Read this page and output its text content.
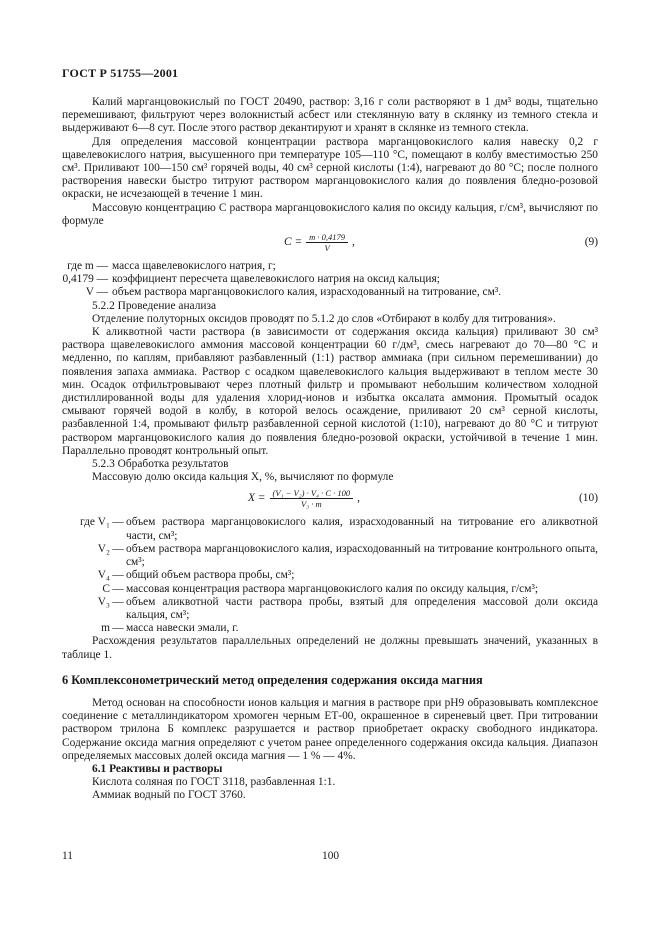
ГОСТ Р 51755—2001

Калий марганцовокислый по ГОСТ 20490, раствор: 3,16 г соли растворяют в 1 дм³ воды, тщательно перемешивают, фильтруют через волокнистый асбест или стеклянную вату в склянку из темного стекла и выдерживают 6—8 сут. После этого раствор декантируют и хранят в склянке из темного стекла.

Для определения массовой концентрации раствора марганцовокислого калия навеску 0,2 г щавелевокислого натрия, высушенного при температуре 105—110 °С, помещают в колбу вместимостью 250 см³. Приливают 100—150 см³ горячей воды, 40 см³ серной кислоты (1:4), нагревают до 80 °С; после полного растворения навески быстро титруют раствором марганцовокислого калия до появления бледно-розовой окраски, не исчезающей в течение 1 мин.

Массовую концентрацию C раствора марганцовокислого калия по оксиду кальция, г/см³, вычисляют по формуле

$C = \frac{m \cdot 0,4179}{V}$ ,	(9)
где m — масса щавелевокислого натрия, г;
0,4179 — коэффициент пересчета щавелевокислого натрия на оксид кальция;
V — объем раствора марганцовокислого калия, израсходованный на титрование, см³.

5.2.2 Проведение анализа

Отделение полуторных оксидов проводят по 5.1.2 до слов «Отбирают в колбу для титрования».

К аликвотной части раствора (в зависимости от содержания оксида кальция) приливают 30 см³ раствора щавелевокислого аммония массовой концентрации 60 г/дм³, смесь нагревают до 70—80 °С и медленно, по каплям, прибавляют разбавленный (1:1) раствор аммиака (при сильном перемешивании) до появления запаха аммиака. Раствор с осадком щавелевокислого кальция выдерживают в теплом месте 30 мин. Осадок отфильтровывают через плотный фильтр и промывают небольшим количеством холодной дистиллированной воды для удаления хлорид-ионов и избытка оксалата аммония. Промытый осадок смывают горячей водой в колбу, в которой велось осаждение, приливают 20 см³ серной кислоты, разбавленной 1:4, промывают фильтр разбавленной серной кислотой (1:10), нагревают до 80 °С и титруют раствором марганцовокислого калия до появления бледно-розовой окраски, устойчивой в течение 1 мин. Параллельно проводят контрольный опыт.

5.2.3 Обработка результатов

Массовую долю оксида кальция X, %, вычисляют по формуле

$X = \frac{\text{(V₁ − V₂) · V₄ · C · 100}}{\text{V₃ · m}}$ ,	(10)
где V₁ — объем раствора марганцовокислого калия, израсходованный на титрование его аликвотной части, см³;
V₂ — объем раствора марганцовокислого калия, израсходованный на титрование контрольного опыта, см³;
V₄ — общий объем раствора пробы, см³;
C — массовая концентрация раствора марганцовокислого калия по оксиду кальция, г/см³;
V₃ — объем аликвотной части раствора пробы, взятый для определения массовой доли оксида кальция, см³;
m — масса навески эмали, г.

Расхождения результатов параллельных определений не должны превышать значений, указанных в таблице 1.

6 Комплексонометрический метод определения содержания оксида магния

Метод основан на способности ионов кальция и магния в растворе при pH9 образовывать комплексное соединение с металлиндикатором хромоген черным ЕТ-00, окрашенное в сиреневый цвет. При титровании раствором трилона Б комплекс разрушается и раствор приобретает окраску свободного индикатора. Содержание оксида магния определяют с учетом ранее определенного содержания оксида кальция. Диапазон определяемых массовых долей оксида магния — 1 % — 4%.

6.1 Реактивы и растворы

Кислота соляная по ГОСТ 3118, разбавленная 1:1.

Аммиак водный по ГОСТ 3760.

11	100
